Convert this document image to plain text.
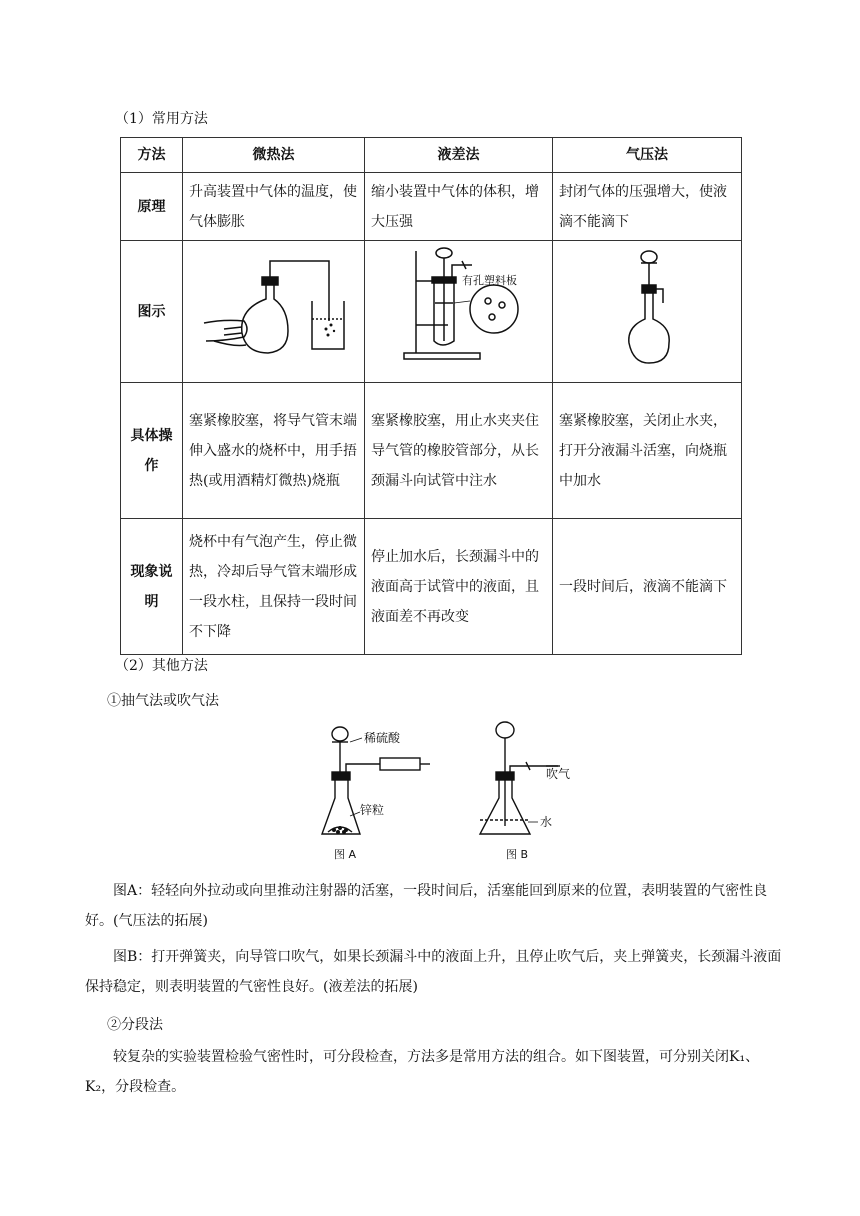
（1）常用方法
方法	微热法	液差法	气压法
原理	升高装置中气体的温度，使气体膨胀	缩小装置中气体的体积，增大压强	封闭气体的压强增大，使液滴不能滴下
图示		有孔塑料板

具体操作	塞紧橡胶塞，将导气管末端伸入盛水的烧杯中，用手捂热(或用酒精灯微热)烧瓶	塞紧橡胶塞，用止水夹夹住导气管的橡胶管部分，从长颈漏斗向试管中注水	塞紧橡胶塞，关闭止水夹，打开分液漏斗活塞，向烧瓶中加水
现象说明	烧杯中有气泡产生，停止微热，冷却后导气管末端形成一段水柱，且保持一段时间不下降	停止加水后，长颈漏斗中的液面高于试管中的液面，且液面差不再改变	一段时间后，液滴不能滴下
（2）其他方法
①抽气法或吹气法
稀硫酸
锌粒
图 A
吹气
水
图 B
图A：轻轻向外拉动或向里推动注射器的活塞，一段时间后，活塞能回到原来的位置，表明装置的气密性良好。(气压法的拓展)
图B：打开弹簧夹，向导管口吹气，如果长颈漏斗中的液面上升，且停止吹气后，夹上弹簧夹，长颈漏斗液面保持稳定，则表明装置的气密性良好。(液差法的拓展)
②分段法
较复杂的实验装置检验气密性时，可分段检查，方法多是常用方法的组合。如下图装置，可分别关闭K₁、K₂，分段检查。
